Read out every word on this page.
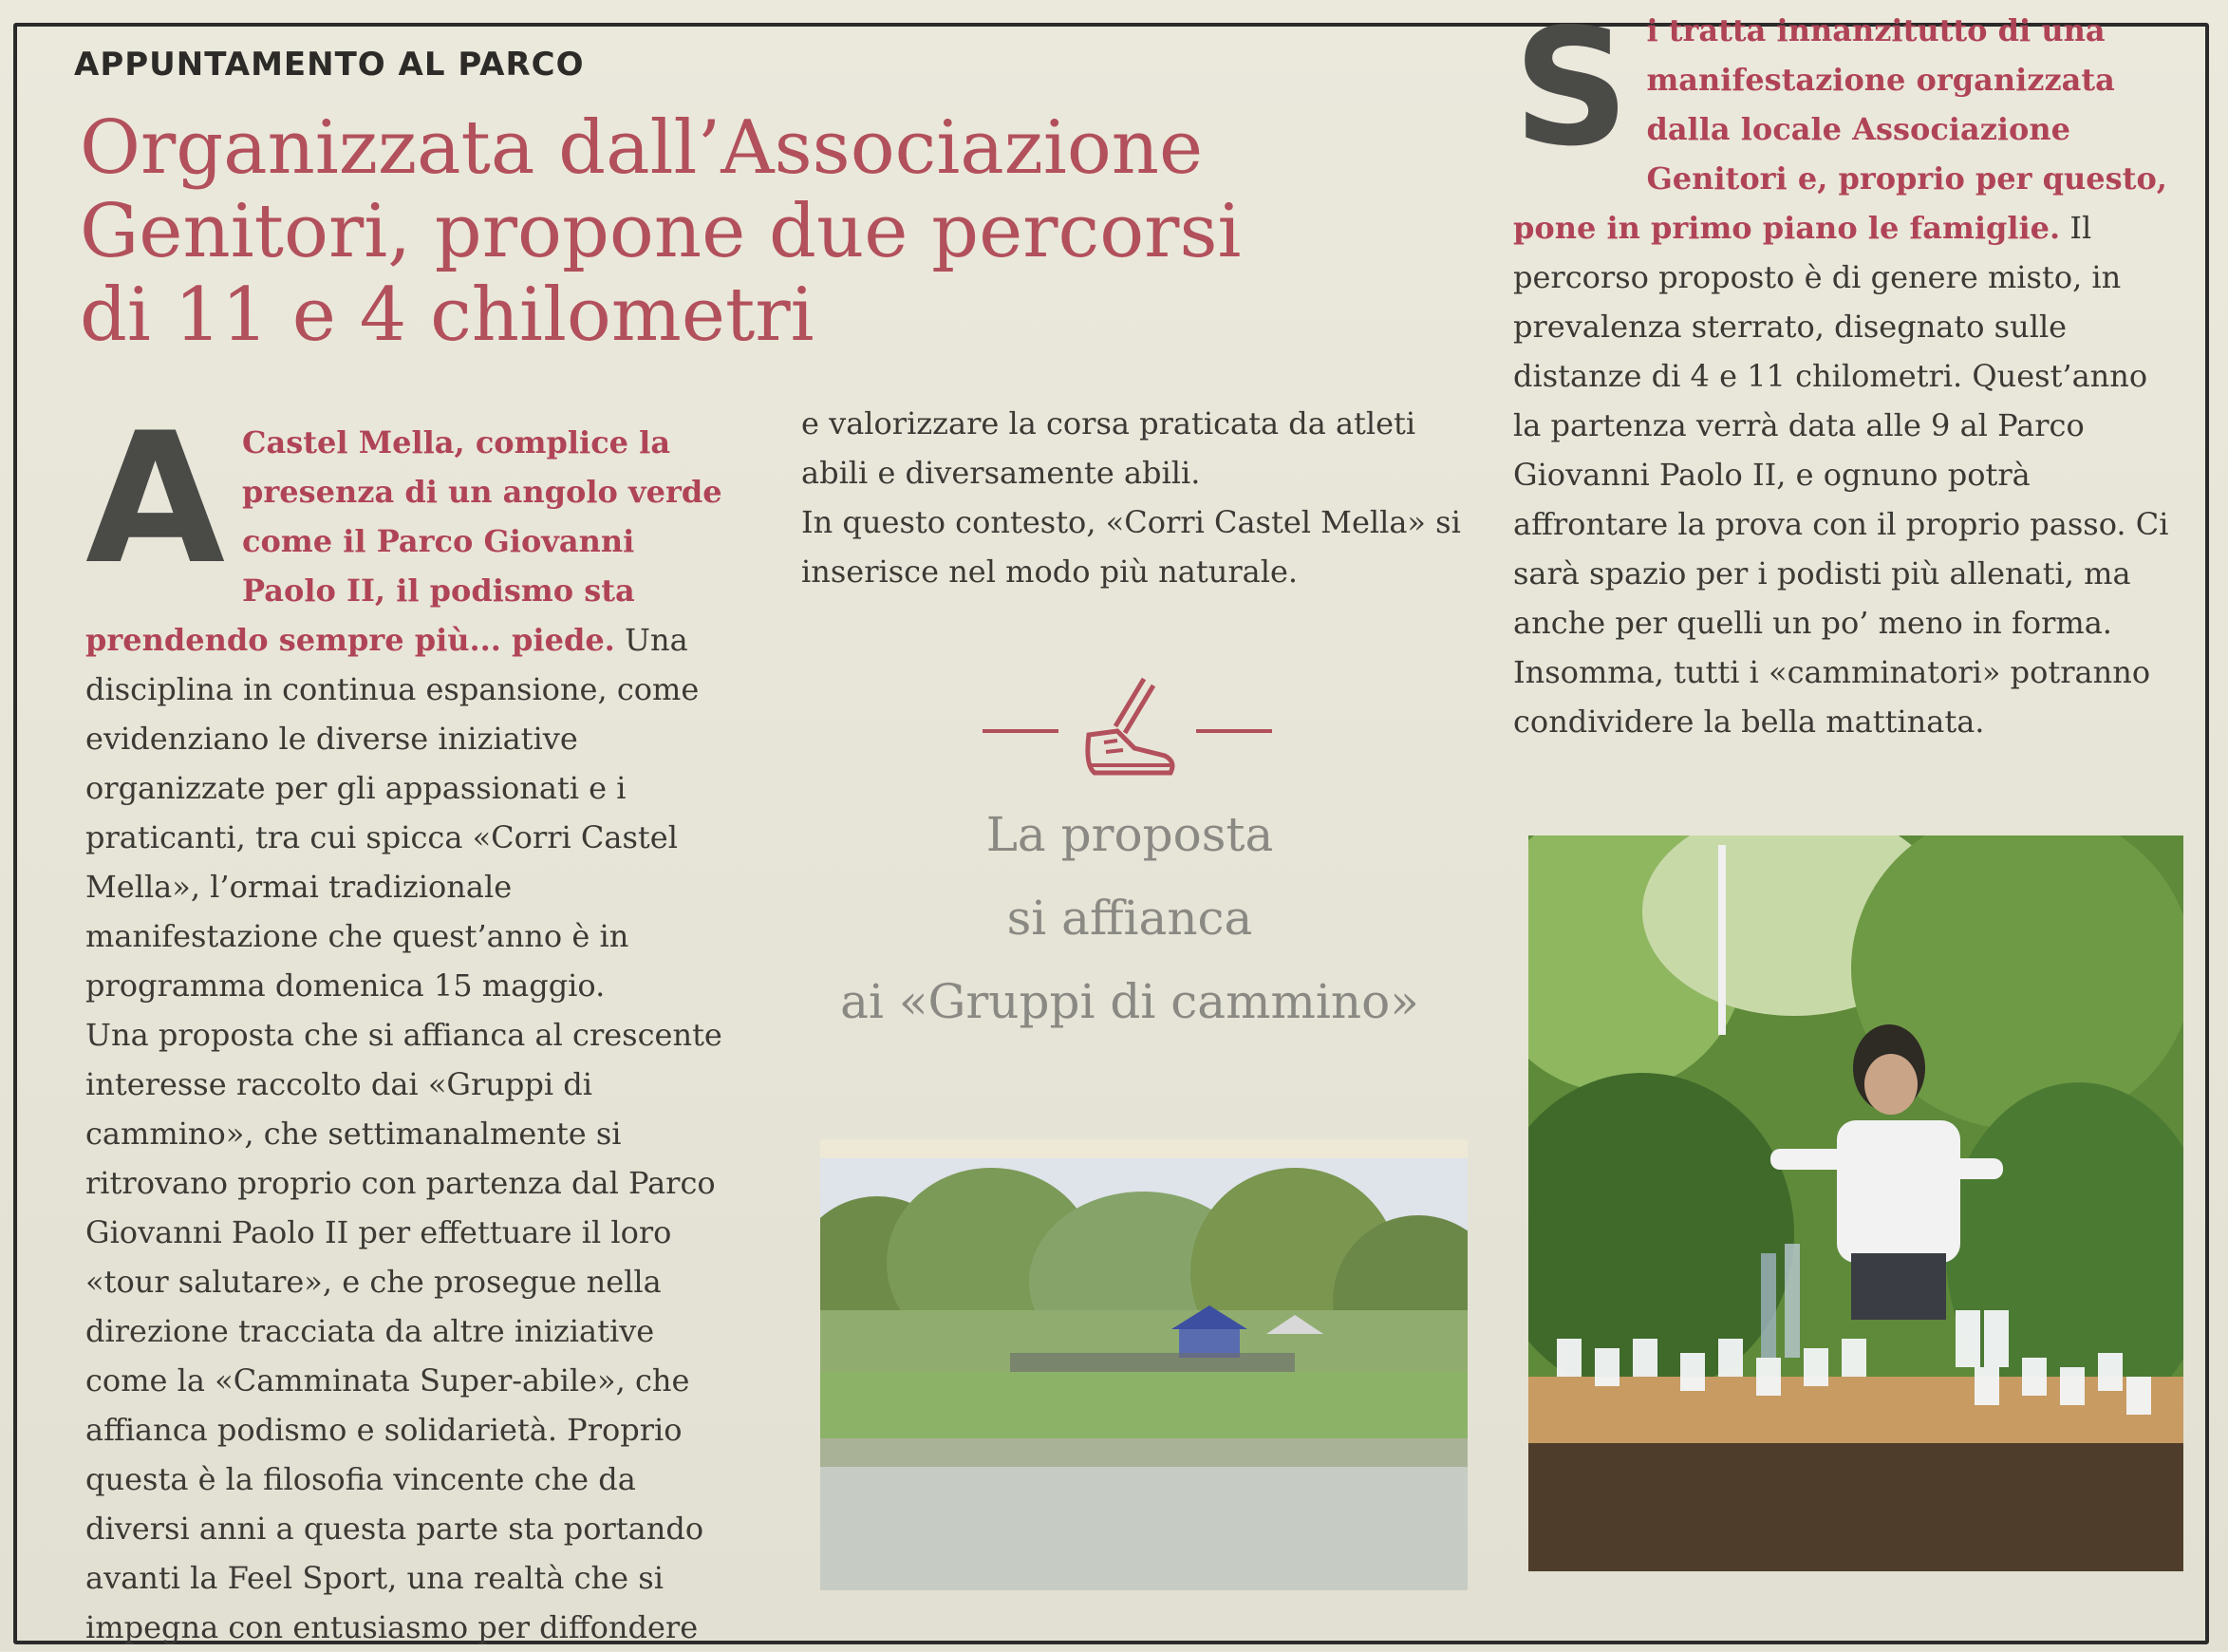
APPUNTAMENTO AL PARCO
Organizzata dall’Associazione
Genitori, propone due percorsi
di 11 e 4 chilometri

A Castel Mella, complice la presenza di un angolo verde come il Parco Giovanni Paolo II, il podismo sta prendendo sempre più... piede. Una disciplina in continua espansione, come evidenziano le diverse iniziative organizzate per gli appassionati e i praticanti, tra cui spicca «Corri Castel Mella», l’ormai tradizionale manifestazione che quest’anno è in programma domenica 15 maggio.

Una proposta che si affianca al crescente interesse raccolto dai «Gruppi di cammino», che settimanalmente si ritrovano proprio con partenza dal Parco Giovanni Paolo II per effettuare il loro «tour salutare», e che prosegue nella direzione tracciata da altre iniziative come la «Camminata Super-abile», che affianca podismo e solidarietà. Proprio questa è la filosofia vincente che da diversi anni a questa parte sta portando avanti la Feel Sport, una realtà che si impegna con entusiasmo per diffondere

e valorizzare la corsa praticata da atleti abili e diversamente abili.

In questo contesto, «Corri Castel Mella» si inserisce nel modo più naturale.

La proposta
si affianca
ai «Gruppi di cammino»

Si tratta innanzitutto di una manifestazione organizzata dalla locale Associazione Genitori e, proprio per questo, pone in primo piano le famiglie. Il percorso proposto è di genere misto, in prevalenza sterrato, disegnato sulle distanze di 4 e 11 chilometri. Quest’anno la partenza verrà data alle 9 al Parco Giovanni Paolo II, e ognuno potrà affrontare la prova con il proprio passo. Ci sarà spazio per i podisti più allenati, ma anche per quelli un po’ meno in forma. Insomma, tutti i «camminatori» potranno condividere la bella mattinata.
